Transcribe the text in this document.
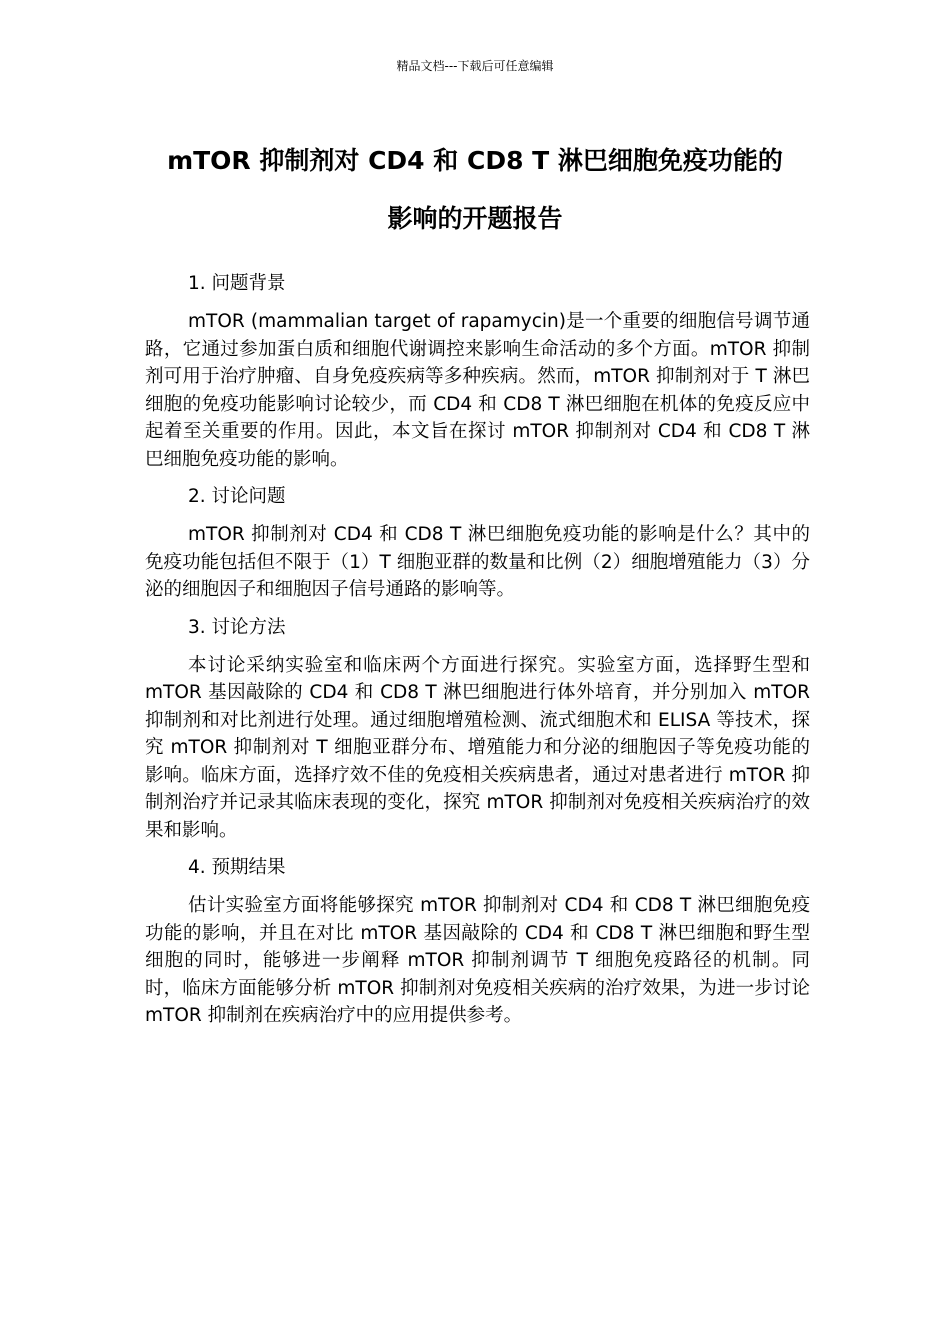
精品文档---下载后可任意编辑
mTOR 抑制剂对 CD4 和 CD8 T 淋巴细胞免疫功能的
影响的开题报告

1. 问题背景

mTOR (mammalian target of rapamycin)是一个重要的细胞信号调节通路，它通过参加蛋白质和细胞代谢调控来影响生命活动的多个方面。mTOR 抑制剂可用于治疗肿瘤、自身免疫疾病等多种疾病。然而，mTOR 抑制剂对于 T 淋巴细胞的免疫功能影响讨论较少，而 CD4 和 CD8 T 淋巴细胞在机体的免疫反应中起着至关重要的作用。因此，本文旨在探讨 mTOR 抑制剂对 CD4 和 CD8 T 淋巴细胞免疫功能的影响。

2. 讨论问题

mTOR 抑制剂对 CD4 和 CD8 T 淋巴细胞免疫功能的影响是什么？其中的免疫功能包括但不限于（1）T 细胞亚群的数量和比例（2）细胞增殖能力（3）分泌的细胞因子和细胞因子信号通路的影响等。

3. 讨论方法

本讨论采纳实验室和临床两个方面进行探究。实验室方面，选择野生型和 mTOR 基因敲除的 CD4 和 CD8 T 淋巴细胞进行体外培育，并分别加入 mTOR 抑制剂和对比剂进行处理。通过细胞增殖检测、流式细胞术和 ELISA 等技术，探究 mTOR 抑制剂对 T 细胞亚群分布、增殖能力和分泌的细胞因子等免疫功能的影响。临床方面，选择疗效不佳的免疫相关疾病患者，通过对患者进行 mTOR 抑制剂治疗并记录其临床表现的变化，探究 mTOR 抑制剂对免疫相关疾病治疗的效果和影响。

4. 预期结果

估计实验室方面将能够探究 mTOR 抑制剂对 CD4 和 CD8 T 淋巴细胞免疫功能的影响，并且在对比 mTOR 基因敲除的 CD4 和 CD8 T 淋巴细胞和野生型细胞的同时，能够进一步阐释 mTOR 抑制剂调节 T 细胞免疫路径的机制。同时，临床方面能够分析 mTOR 抑制剂对免疫相关疾病的治疗效果，为进一步讨论 mTOR 抑制剂在疾病治疗中的应用提供参考。
